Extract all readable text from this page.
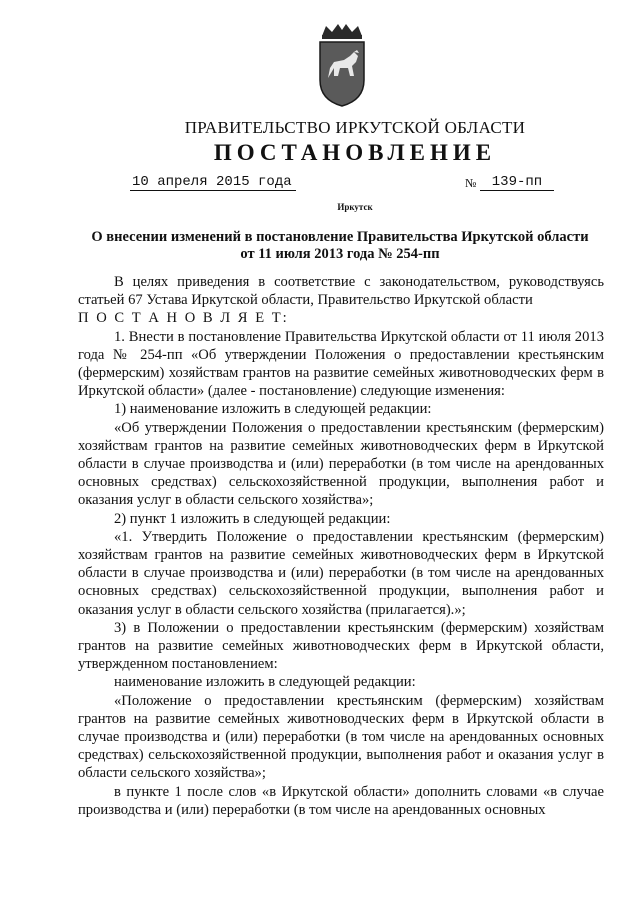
ПРАВИТЕЛЬСТВО ИРКУТСКОЙ ОБЛАСТИ
ПОСТАНОВЛЕНИЕ
10 апреля 2015 года	№	139-пп
Иркутск
О внесении изменений в постановление Правительства Иркутской области
от 11 июля 2013 года № 254-пп

В целях приведения в соответствие с законодательством, руководствуясь статьей 67 Устава Иркутской области, Правительство Иркутской области

П О С Т А Н О В Л Я Е Т:

1. Внести в постановление Правительства Иркутской области от 11 июля 2013 года № 254-пп «Об утверждении Положения о предоставлении крестьянским (фермерским) хозяйствам грантов на развитие семейных животноводческих ферм в Иркутской области» (далее - постановление) следующие изменения:

1) наименование изложить в следующей редакции:

«Об утверждении Положения о предоставлении крестьянским (фермерским) хозяйствам грантов на развитие семейных животноводческих ферм в Иркутской области в случае производства и (или) переработки (в том числе на арендованных основных средствах) сельскохозяйственной продукции, выполнения работ и оказания услуг в области сельского хозяйства»;

2) пункт 1 изложить в следующей редакции:

«1. Утвердить Положение о предоставлении крестьянским (фермерским) хозяйствам грантов на развитие семейных животноводческих ферм в Иркутской области в случае производства и (или) переработки (в том числе на арендованных основных средствах) сельскохозяйственной продукции, выполнения работ и оказания услуг в области сельского хозяйства (прилагается).»;

3) в Положении о предоставлении крестьянским (фермерским) хозяйствам грантов на развитие семейных животноводческих ферм в Иркутской области, утвержденном постановлением:

наименование изложить в следующей редакции:

«Положение о предоставлении крестьянским (фермерским) хозяйствам грантов на развитие семейных животноводческих ферм в Иркутской области в случае производства и (или) переработки (в том числе на арендованных основных средствах) сельскохозяйственной продукции, выполнения работ и оказания услуг в области сельского хозяйства»;

в пункте 1 после слов «в Иркутской области» дополнить словами «в случае производства и (или) переработки (в том числе на арендованных основных
